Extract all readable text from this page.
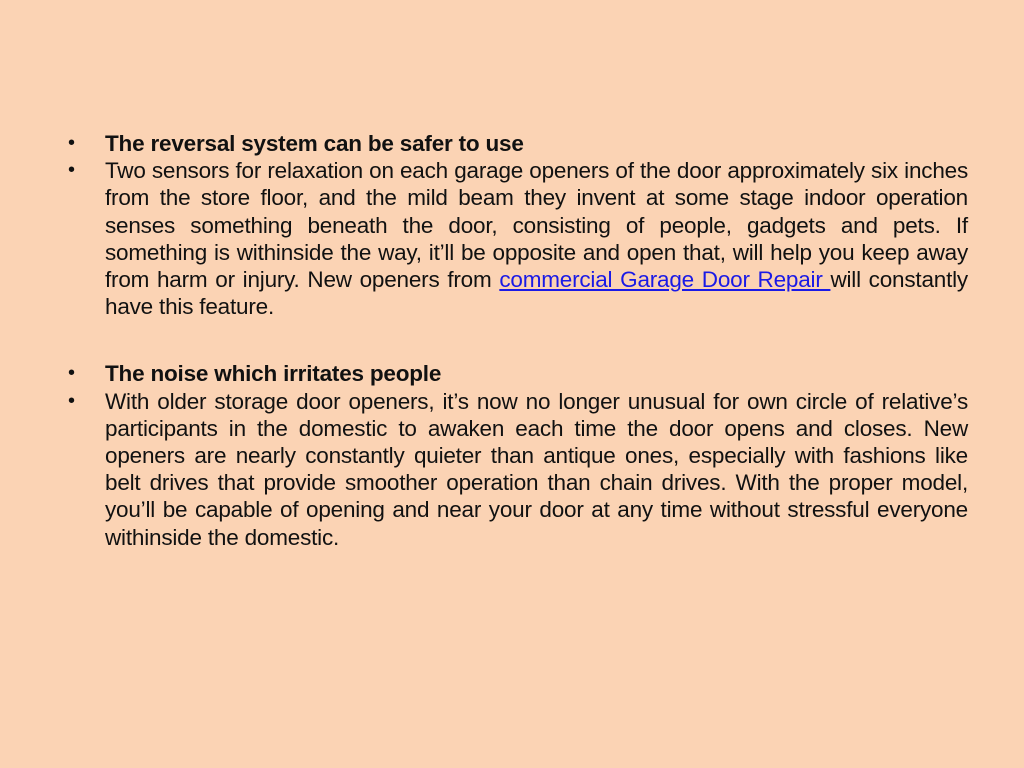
•	The reversal system can be safer to use
•	Two sensors for relaxation on each garage openers of the door approximately six inches from the store floor, and the mild beam they invent at some stage indoor operation senses something beneath the door, consisting of people, gadgets and pets. If something is withinside the way, it’ll be opposite and open that, will help you keep away from harm or injury. New openers from commercial Garage Door Repair will constantly have this feature.
•	The noise which irritates people
•	With older storage door openers, it’s now no longer unusual for own circle of relative’s participants in the domestic to awaken each time the door opens and closes. New openers are nearly constantly quieter than antique ones, especially with fashions like belt drives that provide smoother operation than chain drives. With the proper model, you’ll be capable of opening and near your door at any time without stressful everyone withinside the domestic.
